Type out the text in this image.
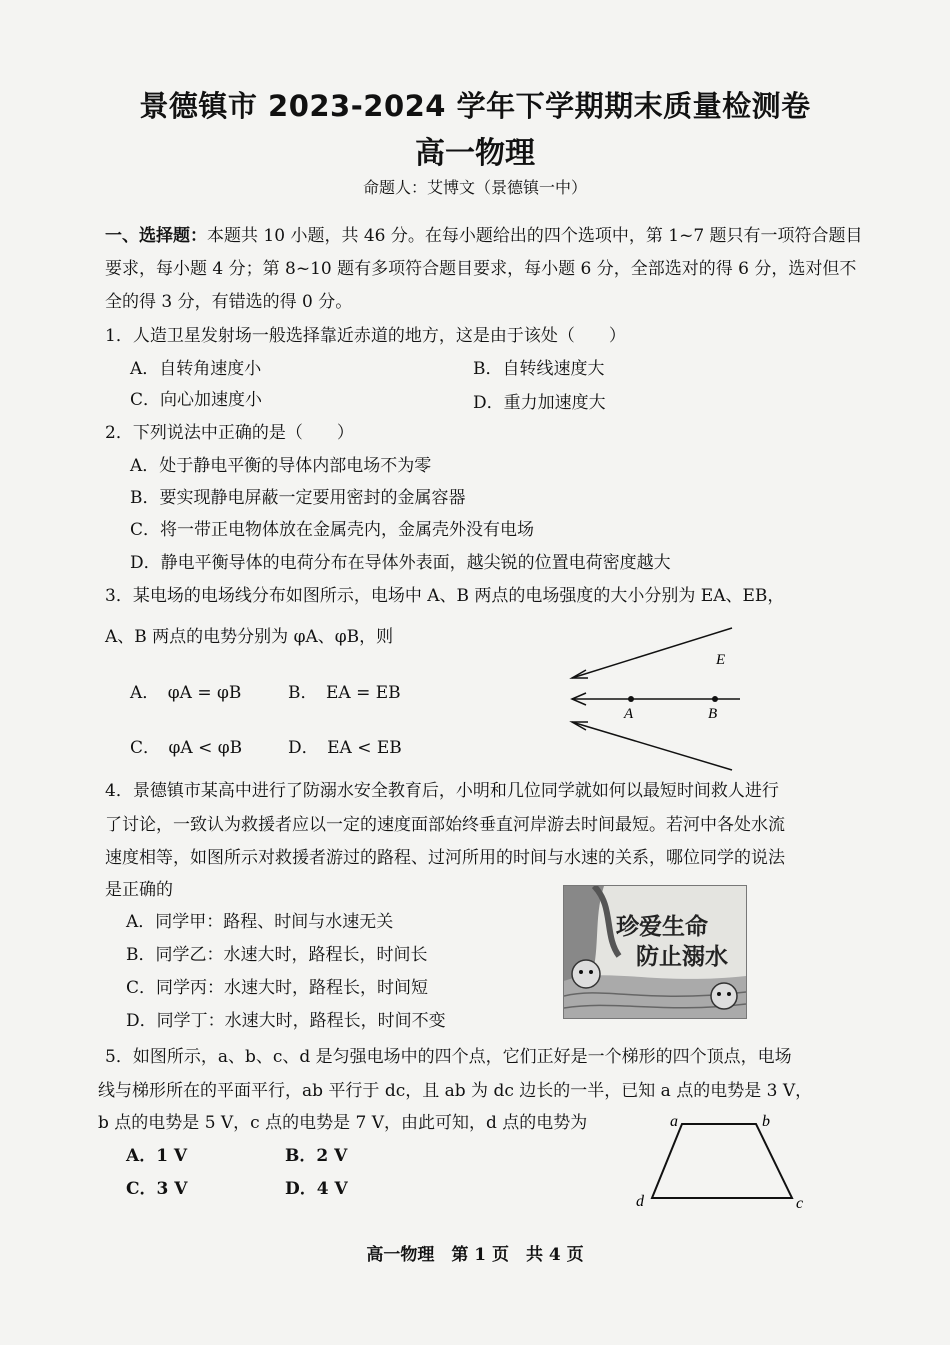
景德镇市 2023-2024 学年下学期期末质量检测卷
高一物理
命题人：艾博文（景德镇一中）
一、选择题：本题共 10 小题，共 46 分。在每小题给出的四个选项中，第 1~7 题只有一项符合题目要求，每小题 4 分；第 8~10 题有多项符合题目要求，每小题 6 分，全部选对的得 6 分，选对但不全的得 3 分，有错选的得 0 分。
1．人造卫星发射场一般选择靠近赤道的地方，这是由于该处（　　）
A．自转角速度小	B．自转线速度大
C．向心加速度小	D．重力加速度大
2．下列说法中正确的是（　　）
A．处于静电平衡的导体内部电场不为零
B．要实现静电屏蔽一定要用密封的金属容器
C．将一带正电物体放在金属壳内，金属壳外没有电场
D．静电平衡导体的电荷分布在导体外表面，越尖锐的位置电荷密度越大
3．某电场的电场线分布如图所示，电场中 A、B 两点的电场强度的大小分别为 EA、EB，
A、B 两点的电势分别为 φA、φB，则
A．　φA = φB	B．　EA = EB
C．　φA < φB	D．　EA < EB
E
A	B
4．景德镇市某高中进行了防溺水安全教育后，小明和几位同学就如何以最短时间救人进行
了讨论，一致认为救援者应以一定的速度面部始终垂直河岸游去时间最短。若河中各处水流
速度相等，如图所示对救援者游过的路程、过河所用的时间与水速的关系，哪位同学的说法
是正确的
A．同学甲：路程、时间与水速无关
B．同学乙：水速大时，路程长，时间长
C．同学丙：水速大时，路程长，时间短
D．同学丁：水速大时，路程长，时间不变
珍爱生命
防止溺水
5．如图所示，a、b、c、d 是匀强电场中的四个点，它们正好是一个梯形的四个顶点，电场
线与梯形所在的平面平行，ab 平行于 dc，且 ab 为 dc 边长的一半，已知 a 点的电势是 3 V，
b 点的电势是 5 V，c 点的电势是 7 V，由此可知，d 点的电势为
A．1 V	B．2 V
C．3 V	D．4 V
a	b
c
d
高一物理　第 1 页　共 4 页
